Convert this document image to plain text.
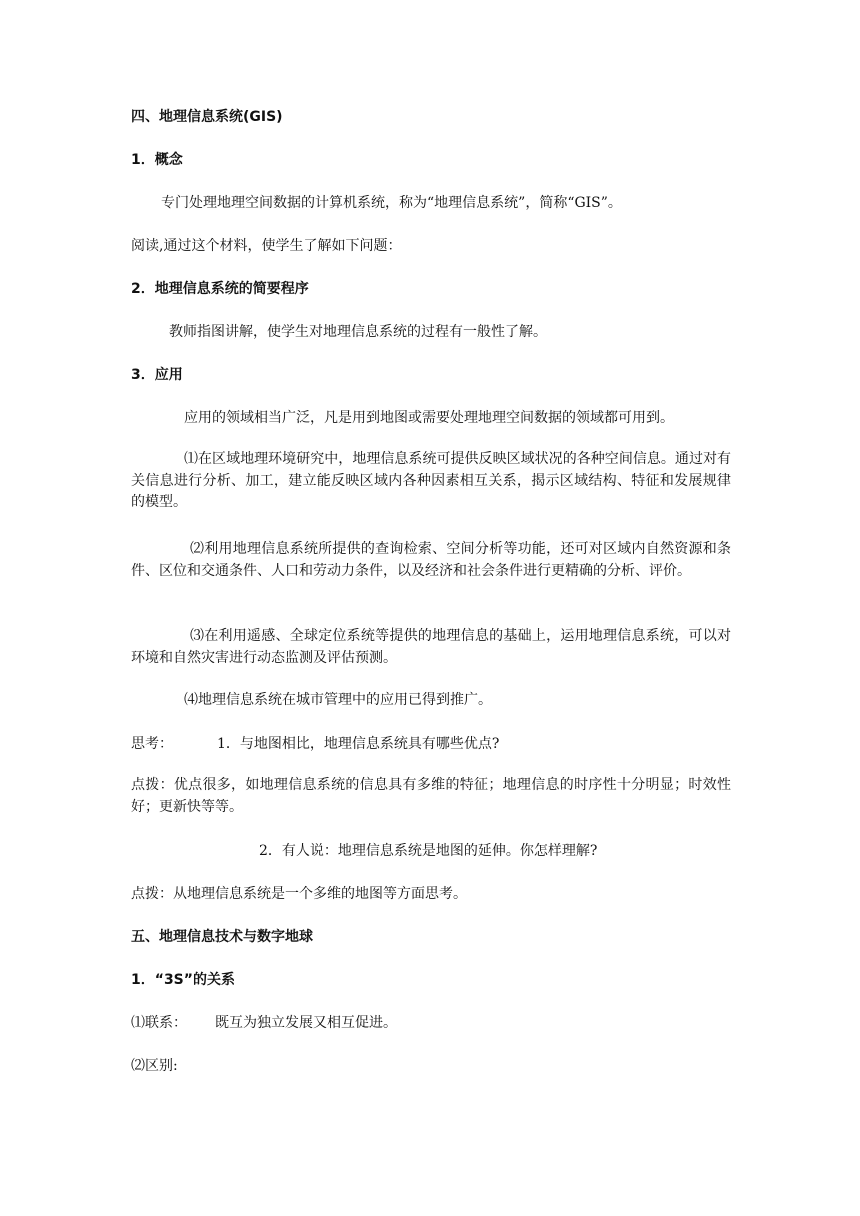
四、地理信息系统(GIS)

1．概念

专门处理地理空间数据的计算机系统，称为“地理信息系统”，简称“GIS”。

阅读,通过这个材料，使学生了解如下问题：

2．地理信息系统的简要程序

教师指图讲解，使学生对地理信息系统的过程有一般性了解。

3．应用

应用的领域相当广泛，凡是用到地图或需要处理地理空间数据的领域都可用到。

⑴在区域地理环境研究中，地理信息系统可提供反映区域状况的各种空间信息。通过对有关信息进行分析、加工，建立能反映区域内各种因素相互关系，揭示区域结构、特征和发展规律的模型。

⑵利用地理信息系统所提供的查询检索、空间分析等功能，还可对区域内自然资源和条件、区位和交通条件、人口和劳动力条件，以及经济和社会条件进行更精确的分析、评价。

⑶在利用遥感、全球定位系统等提供的地理信息的基础上，运用地理信息系统，可以对环境和自然灾害进行动态监测及评估预测。

⑷地理信息系统在城市管理中的应用已得到推广。

思考：	1．与地图相比，地理信息系统具有哪些优点?

点拨：优点很多，如地理信息系统的信息具有多维的特征；地理信息的时序性十分明显；时效性好；更新快等等。

2．有人说：地理信息系统是地图的延伸。你怎样理解?

点拨：从地理信息系统是一个多维的地图等方面思考。

五、地理信息技术与数字地球

1．“3S”的关系

⑴联系：	既互为独立发展又相互促进。

⑵区别:
